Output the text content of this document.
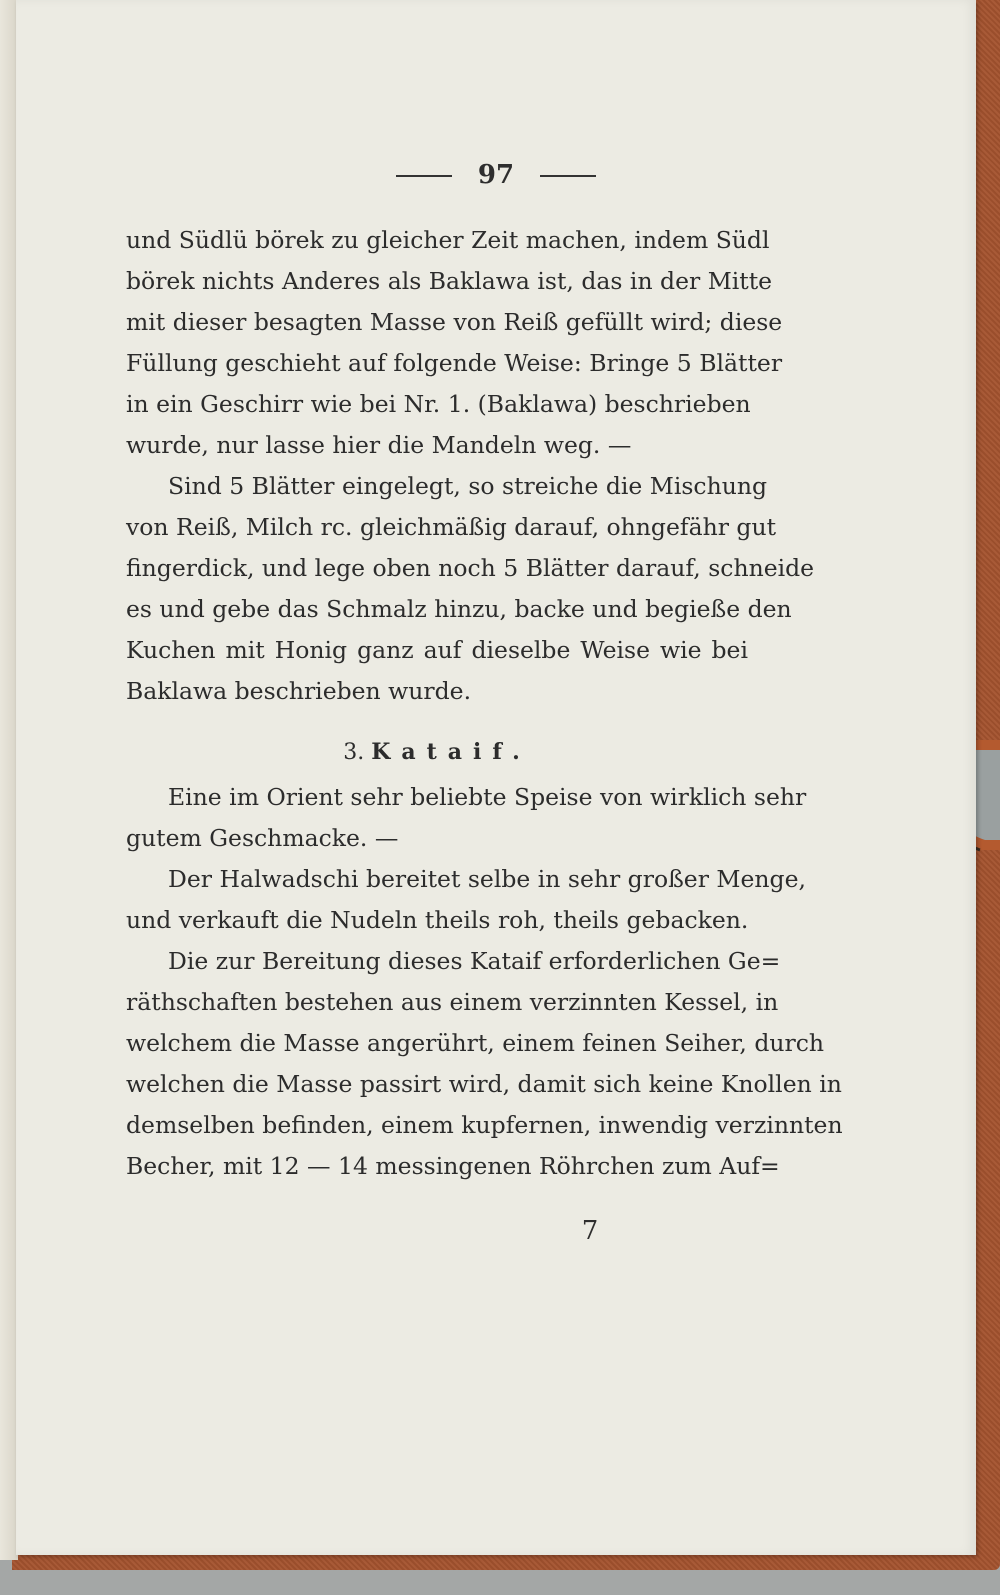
97
und Südlü börek zu gleicher Zeit machen, indem Südl
börek nichts Anderes als Baklawa ist, das in der Mitte
mit dieser besagten Masse von Reiß gefüllt wird; diese
Füllung geschieht auf folgende Weise: Bringe 5 Blätter
in ein Geschirr wie bei Nr. 1. (Baklawa) beschrieben
wurde, nur lasse hier die Mandeln weg. —
Sind 5 Blätter eingelegt, so streiche die Mischung
von Reiß, Milch rc. gleichmäßig darauf, ohngefähr gut
fingerdick, und lege oben noch 5 Blätter darauf, schneide
es und gebe das Schmalz hinzu, backe und begieße den
Kuchen mit Honig ganz auf dieselbe Weise wie bei
Baklawa beschrieben wurde.
3. Kataif.
Eine im Orient sehr beliebte Speise von wirklich sehr
gutem Geschmacke. —
Der Halwadschi bereitet selbe in sehr großer Menge,
und verkauft die Nudeln theils roh, theils gebacken.
Die zur Bereitung dieses Kataif erforderlichen Ge=
räthschaften bestehen aus einem verzinnten Kessel, in
welchem die Masse angerührt, einem feinen Seiher, durch
welchen die Masse passirt wird, damit sich keine Knollen in
demselben befinden, einem kupfernen, inwendig verzinnten
Becher, mit 12 — 14 messingenen Röhrchen zum Auf=
7
